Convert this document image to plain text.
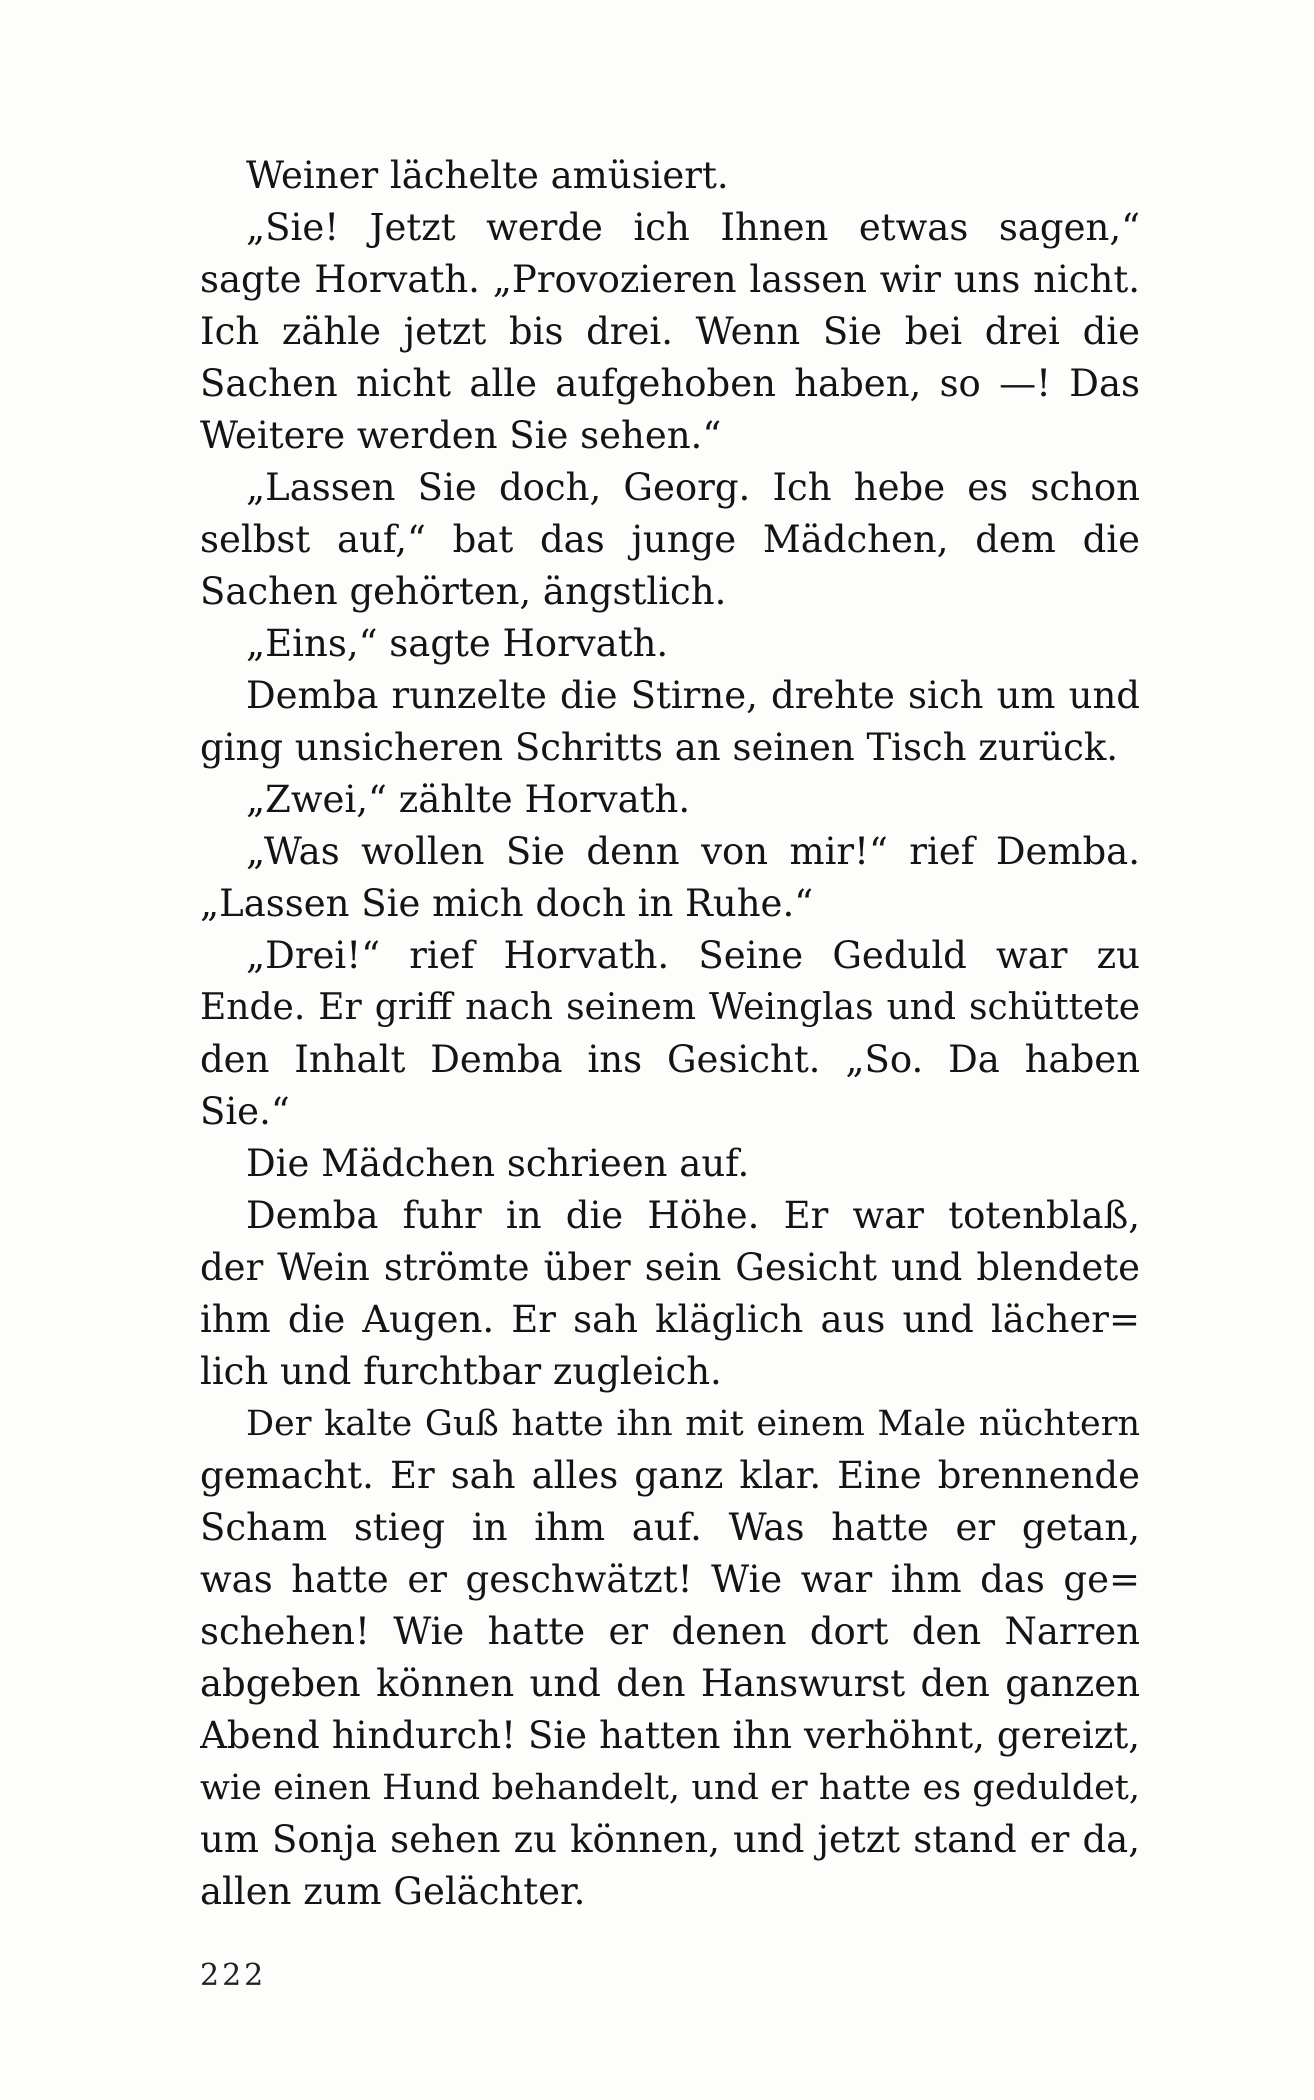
Weiner lächelte amüsiert.
„Sie! Jetzt werde ich Ihnen etwas sagen,“
sagte Horvath. „Provozieren lassen wir uns nicht.
Ich zähle jetzt bis drei. Wenn Sie bei drei die
Sachen nicht alle aufgehoben haben, so —! Das
Weitere werden Sie sehen.“
„Lassen Sie doch, Georg. Ich hebe es schon
selbst auf,“ bat das junge Mädchen, dem die
Sachen gehörten, ängstlich.
„Eins,“ sagte Horvath.
Demba runzelte die Stirne, drehte sich um und
ging unsicheren Schritts an seinen Tisch zurück.
„Zwei,“ zählte Horvath.
„Was wollen Sie denn von mir!“ rief Demba.
„Lassen Sie mich doch in Ruhe.“
„Drei!“ rief Horvath. Seine Geduld war zu
Ende. Er griff nach seinem Weinglas und schüttete
den Inhalt Demba ins Gesicht. „So. Da haben
Sie.“
Die Mädchen schrieen auf.
Demba fuhr in die Höhe. Er war totenblaß,
der Wein strömte über sein Gesicht und blendete
ihm die Augen. Er sah kläglich aus und lächer=
lich und furchtbar zugleich.
Der kalte Guß hatte ihn mit einem Male nüchtern
gemacht. Er sah alles ganz klar. Eine brennende
Scham stieg in ihm auf. Was hatte er getan,
was hatte er geschwätzt! Wie war ihm das ge=
schehen! Wie hatte er denen dort den Narren
abgeben können und den Hanswurst den ganzen
Abend hindurch! Sie hatten ihn verhöhnt, gereizt,
wie einen Hund behandelt, und er hatte es geduldet,
um Sonja sehen zu können, und jetzt stand er da,
allen zum Gelächter.
222
